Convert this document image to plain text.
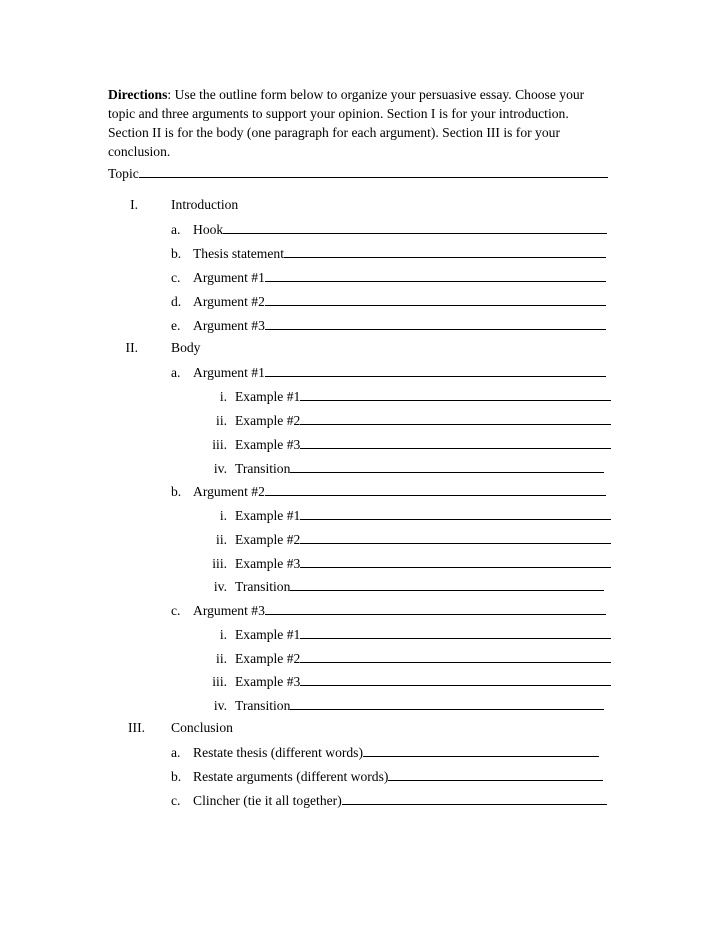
Directions: Use the outline form below to organize your persuasive essay. Choose your topic and three arguments to support your opinion. Section I is for your introduction. Section II is for the body (one paragraph for each argument). Section III is for your conclusion.
Topic
I. Introduction
a. Hook
b. Thesis statement
c. Argument #1
d. Argument #2
e. Argument #3
II. Body
a. Argument #1
i. Example #1
ii. Example #2
iii. Example #3
iv. Transition
b. Argument #2
i. Example #1
ii. Example #2
iii. Example #3
iv. Transition
c. Argument #3
i. Example #1
ii. Example #2
iii. Example #3
iv. Transition
III. Conclusion
a. Restate thesis (different words)
b. Restate arguments (different words)
c. Clincher (tie it all together)
